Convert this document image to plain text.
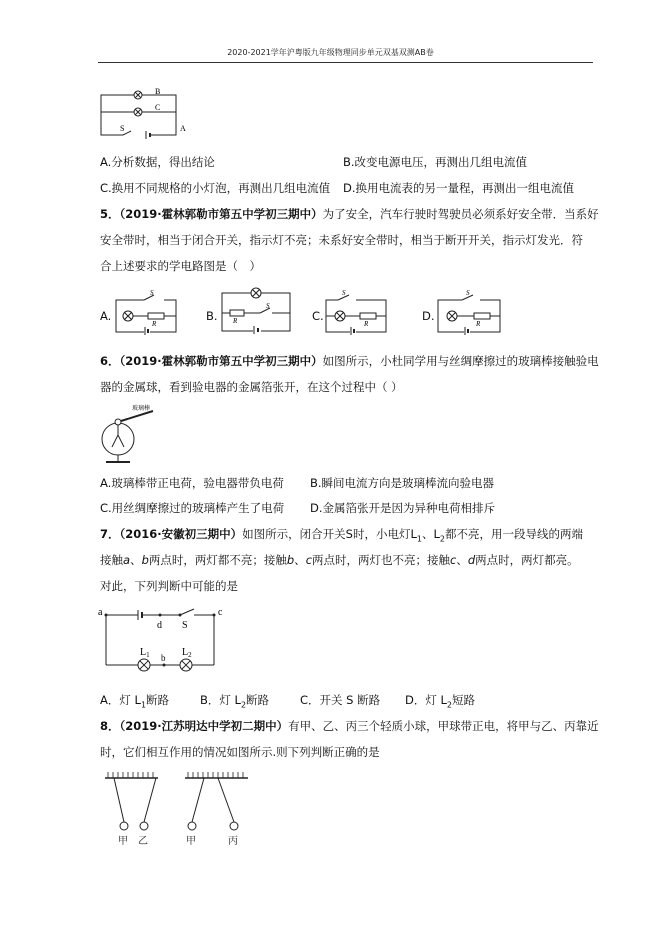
2020-2021学年沪粤版九年级物理同步单元双基双测AB卷
B
C
S	A
A.分析数据，得出结论	B.改变电源电压，再测出几组电流值
C.换用不同规格的小灯泡，再测出几组电流值 D.换用电流表的另一量程，再测出一组电流值
5．（2019·霍林郭勒市第五中学初三期中）为了安全，汽车行驶时驾驶员必须系好安全带．当系好
安全带时，相当于闭合开关，指示灯不亮；未系好安全带时，相当于断开开关，指示灯发光．符
合上述要求的学电路图是（　）
A.
S
R
B. R
S
C.
S
R
D.
S
R
6．（2019·霍林郭勒市第五中学初三期中）如图所示，小杜同学用与丝绸摩擦过的玻璃棒接触验电
器的金属球，看到验电器的金属箔张开，在这个过程中（ ）
玻璃棒
A.玻璃棒带正电荷，验电器带负电荷 B.瞬间电流方向是玻璃棒流向验电器
C.用丝绸摩擦过的玻璃棒产生了电荷 D.金属箔张开是因为异种电荷相排斥
7．（2016·安徽初三期中）如图所示，闭合开关S时，小电灯$L_1$、$L_2$都不亮，用一段导线的两端
接触a、b两点时，两灯都不亮；接触b、c两点时，两灯也不亮；接触c、d两点时，两灯都亮。
对此，下列判断中可能的是
a	c
d S
$L_1$	$L_2$
b
A．灯 $L_1$断路	B．灯 $L_2$断路	C．开关 S 断路 D．灯 $L_2$短路
8．（2019·江苏明达中学初二期中）有甲、乙、丙三个轻质小球，甲球带正电，将甲与乙、丙靠近
时，它们相互作用的情况如图所示.则下列判断正确的是
甲 乙	甲	丙
